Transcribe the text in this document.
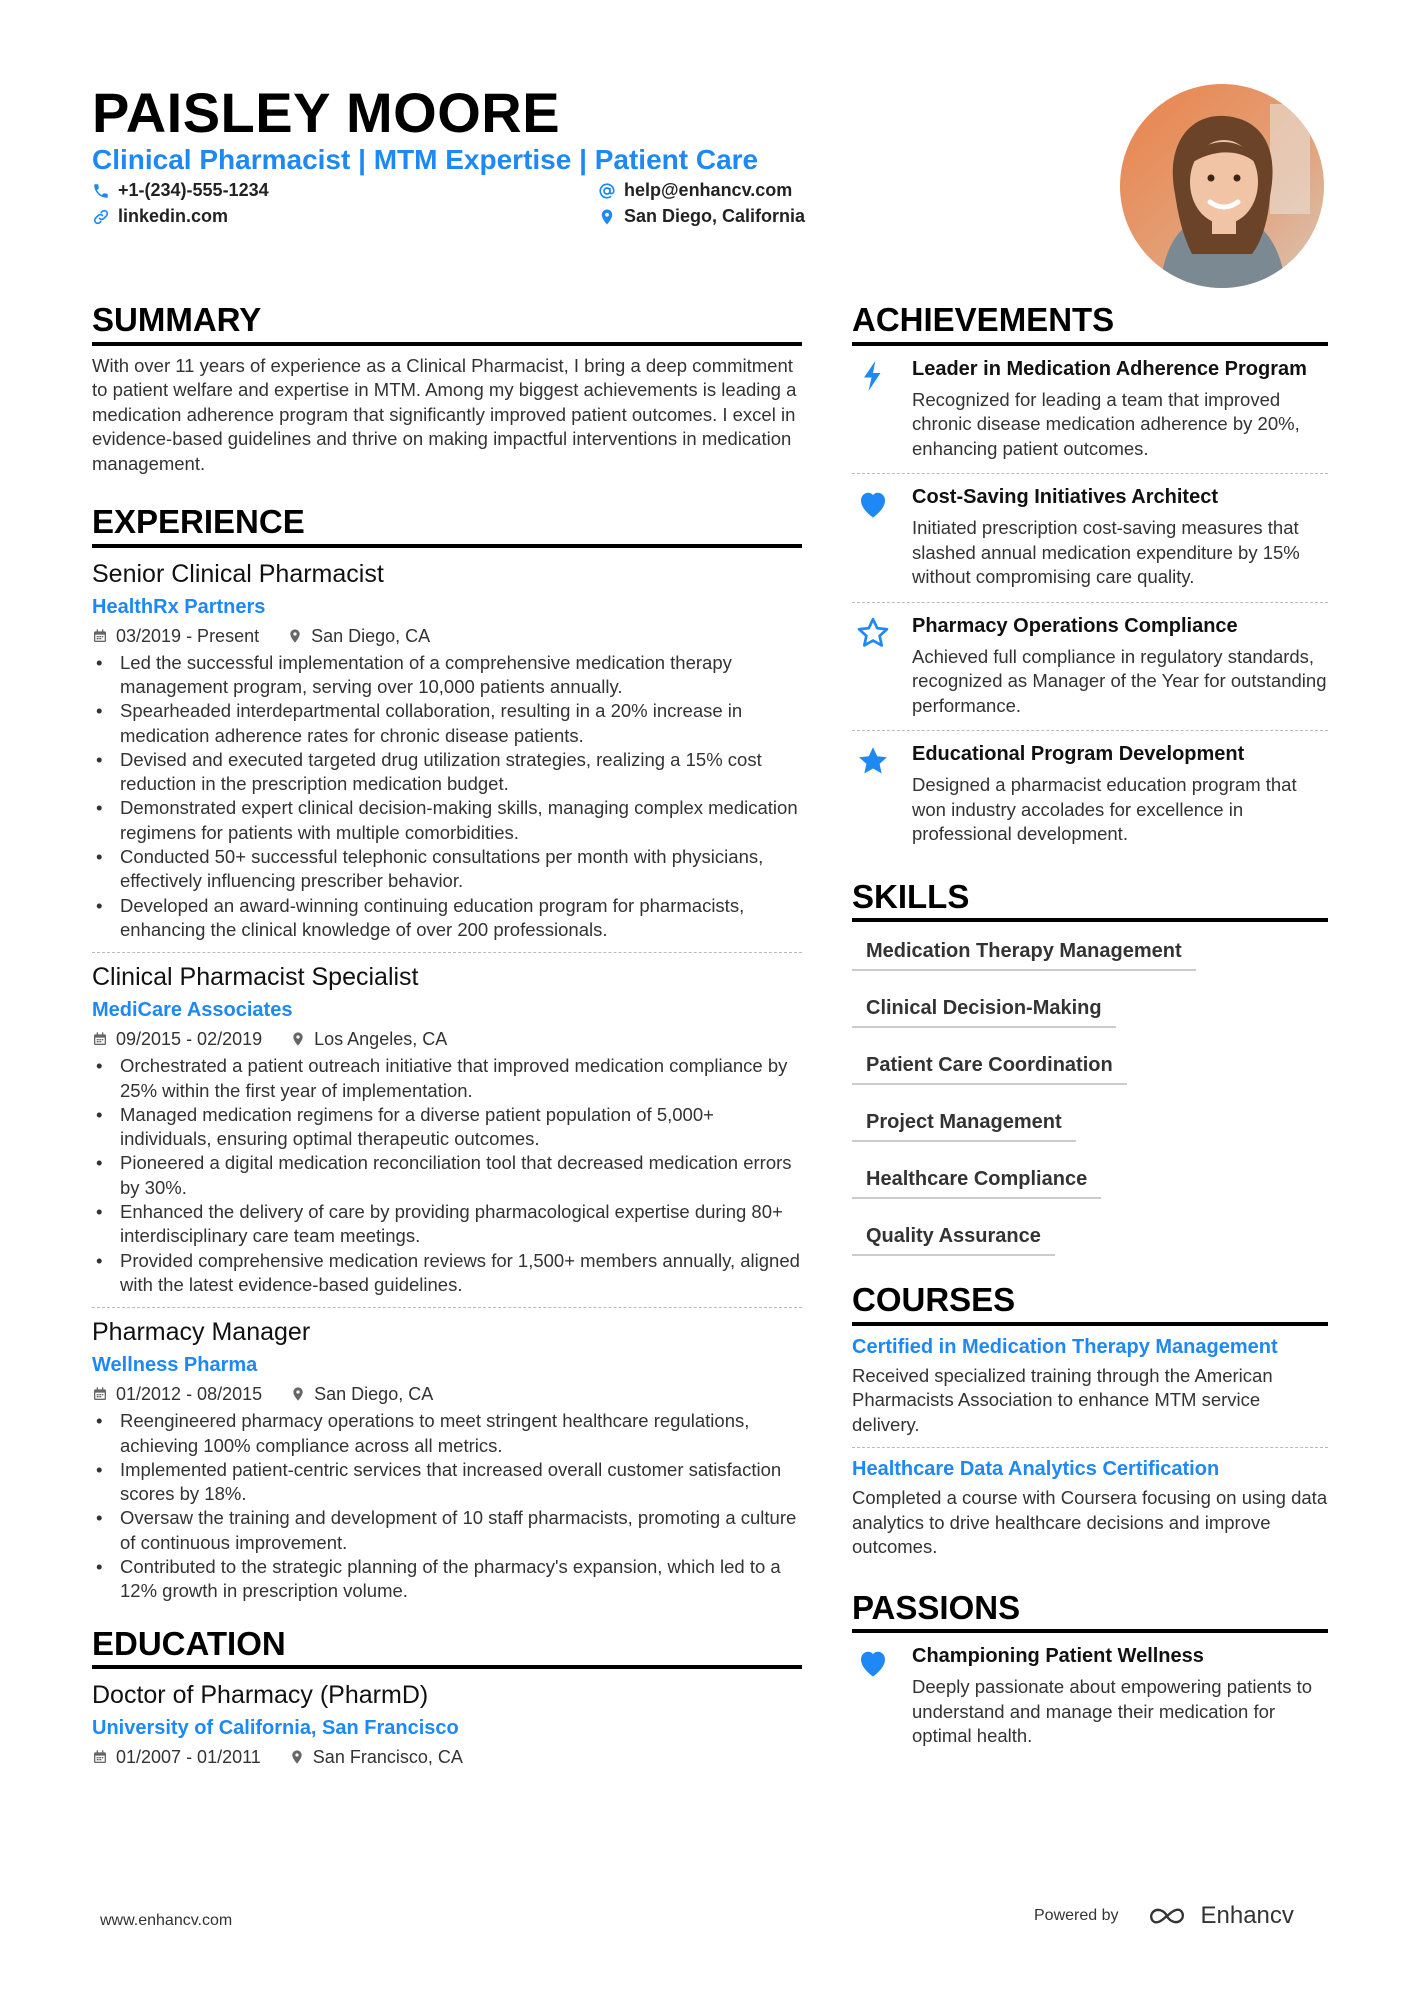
PAISLEY MOORE
Clinical Pharmacist | MTM Expertise | Patient Care
+1-(234)-555-1234	help@enhancv.com
linkedin.com	San Diego, California
SUMMARY

With over 11 years of experience as a Clinical Pharmacist, I bring a deep commitment to patient welfare and expertise in MTM. Among my biggest achievements is leading a medication adherence program that significantly improved patient outcomes. I excel in evidence-based guidelines and thrive on making impactful interventions in medication management.

EXPERIENCE
Senior Clinical Pharmacist
HealthRx Partners
03/2019 - Present	San Diego, CA
• Led the successful implementation of a comprehensive medication therapy management program, serving over 10,000 patients annually.
• Spearheaded interdepartmental collaboration, resulting in a 20% increase in medication adherence rates for chronic disease patients.
• Devised and executed targeted drug utilization strategies, realizing a 15% cost reduction in the prescription medication budget.
• Demonstrated expert clinical decision-making skills, managing complex medication regimens for patients with multiple comorbidities.
• Conducted 50+ successful telephonic consultations per month with physicians, effectively influencing prescriber behavior.
• Developed an award-winning continuing education program for pharmacists, enhancing the clinical knowledge of over 200 professionals.
Clinical Pharmacist Specialist
MediCare Associates
09/2015 - 02/2019	Los Angeles, CA
• Orchestrated a patient outreach initiative that improved medication compliance by 25% within the first year of implementation.
• Managed medication regimens for a diverse patient population of 5,000+ individuals, ensuring optimal therapeutic outcomes.
• Pioneered a digital medication reconciliation tool that decreased medication errors by 30%.
• Enhanced the delivery of care by providing pharmacological expertise during 80+ interdisciplinary care team meetings.
• Provided comprehensive medication reviews for 1,500+ members annually, aligned with the latest evidence-based guidelines.
Pharmacy Manager
Wellness Pharma
01/2012 - 08/2015	San Diego, CA
• Reengineered pharmacy operations to meet stringent healthcare regulations, achieving 100% compliance across all metrics.
• Implemented patient-centric services that increased overall customer satisfaction scores by 18%.
• Oversaw the training and development of 10 staff pharmacists, promoting a culture of continuous improvement.
• Contributed to the strategic planning of the pharmacy's expansion, which led to a 12% growth in prescription volume.
EDUCATION
Doctor of Pharmacy (PharmD)
University of California, San Francisco
01/2007 - 01/2011	San Francisco, CA
ACHIEVEMENTS
Leader in Medication Adherence Program
Recognized for leading a team that improved chronic disease medication adherence by 20%, enhancing patient outcomes.
Cost-Saving Initiatives Architect
Initiated prescription cost-saving measures that slashed annual medication expenditure by 15% without compromising care quality.
Pharmacy Operations Compliance
Achieved full compliance in regulatory standards, recognized as Manager of the Year for outstanding performance.
Educational Program Development
Designed a pharmacist education program that won industry accolades for excellence in professional development.
SKILLS
Medication Therapy Management
Clinical Decision-Making
Patient Care Coordination
Project Management
Healthcare Compliance
Quality Assurance
COURSES
Certified in Medication Therapy Management
Received specialized training through the American Pharmacists Association to enhance MTM service delivery.
Healthcare Data Analytics Certification
Completed a course with Coursera focusing on using data analytics to drive healthcare decisions and improve outcomes.
PASSIONS
Championing Patient Wellness
Deeply passionate about empowering patients to understand and manage their medication for optimal health.
www.enhancv.com	Powered by	Enhancv
